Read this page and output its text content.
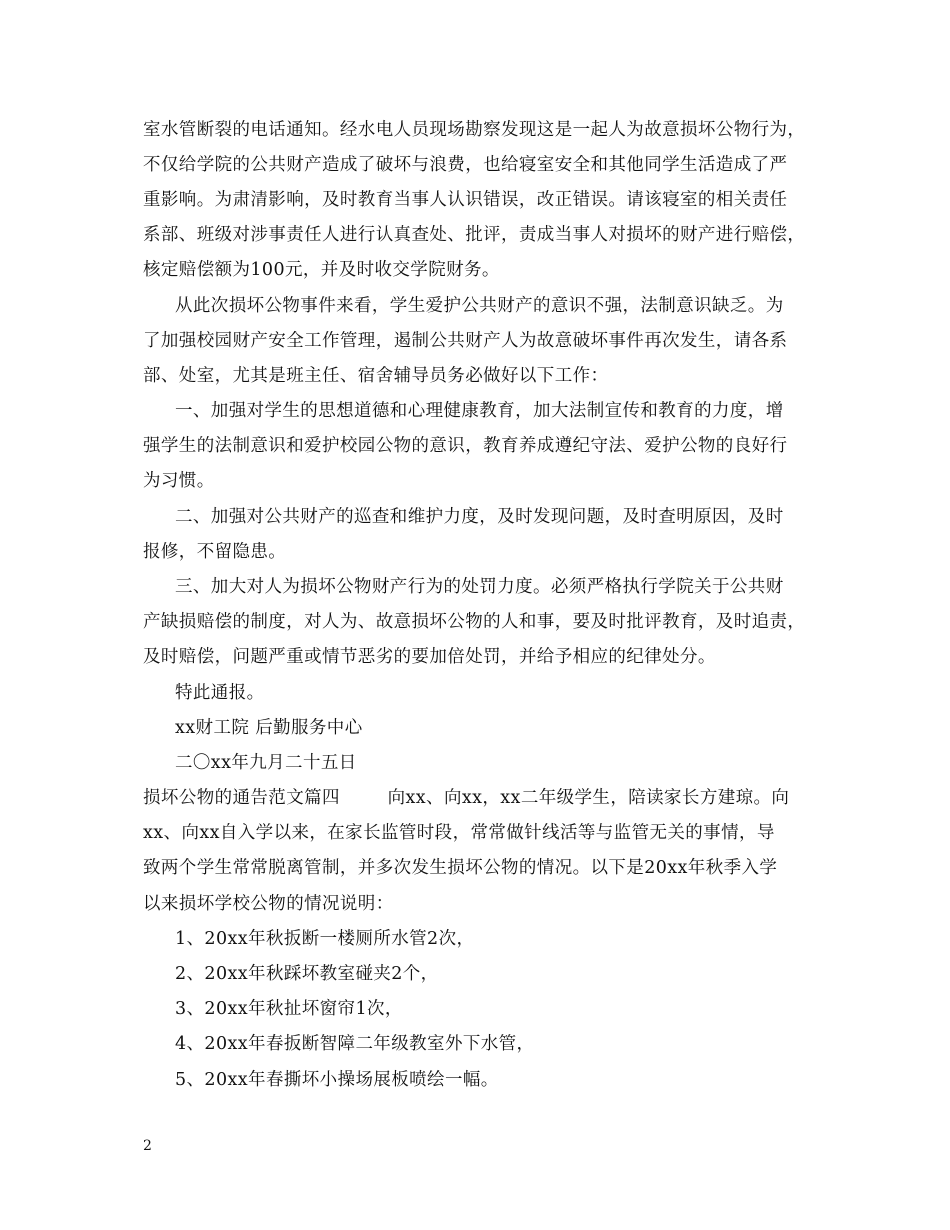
室水管断裂的电话通知。经水电人员现场勘察发现这是一起人为故意损坏公物行为，
不仅给学院的公共财产造成了破坏与浪费，也给寝室安全和其他同学生活造成了严
重影响。为肃清影响，及时教育当事人认识错误，改正错误。请该寝室的相关责任
系部、班级对涉事责任人进行认真查处、批评，责成当事人对损坏的财产进行赔偿，
核定赔偿额为100元，并及时收交学院财务。
从此次损坏公物事件来看，学生爱护公共财产的意识不强，法制意识缺乏。为
了加强校园财产安全工作管理，遏制公共财产人为故意破坏事件再次发生，请各系
部、处室，尤其是班主任、宿舍辅导员务必做好以下工作：
一、加强对学生的思想道德和心理健康教育，加大法制宣传和教育的力度，增
强学生的法制意识和爱护校园公物的意识，教育养成遵纪守法、爱护公物的良好行
为习惯。
二、加强对公共财产的巡查和维护力度，及时发现问题，及时查明原因，及时
报修，不留隐患。
三、加大对人为损坏公物财产行为的处罚力度。必须严格执行学院关于公共财
产缺损赔偿的制度，对人为、故意损坏公物的人和事，要及时批评教育，及时追责，
及时赔偿，问题严重或情节恶劣的要加倍处罚，并给予相应的纪律处分。
特此通报。
xx财工院 后勤服务中心
二〇xx年九月二十五日
损坏公物的通告范文篇四        向xx、向xx，xx二年级学生，陪读家长方建琼。向
xx、向xx自入学以来，在家长监管时段，常常做针线活等与监管无关的事情，导
致两个学生常常脱离管制，并多次发生损坏公物的情况。以下是20xx年秋季入学
以来损坏学校公物的情况说明：
1、20xx年秋扳断一楼厕所水管2次，
2、20xx年秋踩坏教室碰夹2个，
3、20xx年秋扯坏窗帘1次，
4、20xx年春扳断智障二年级教室外下水管，
5、20xx年春撕坏小操场展板喷绘一幅。
2
